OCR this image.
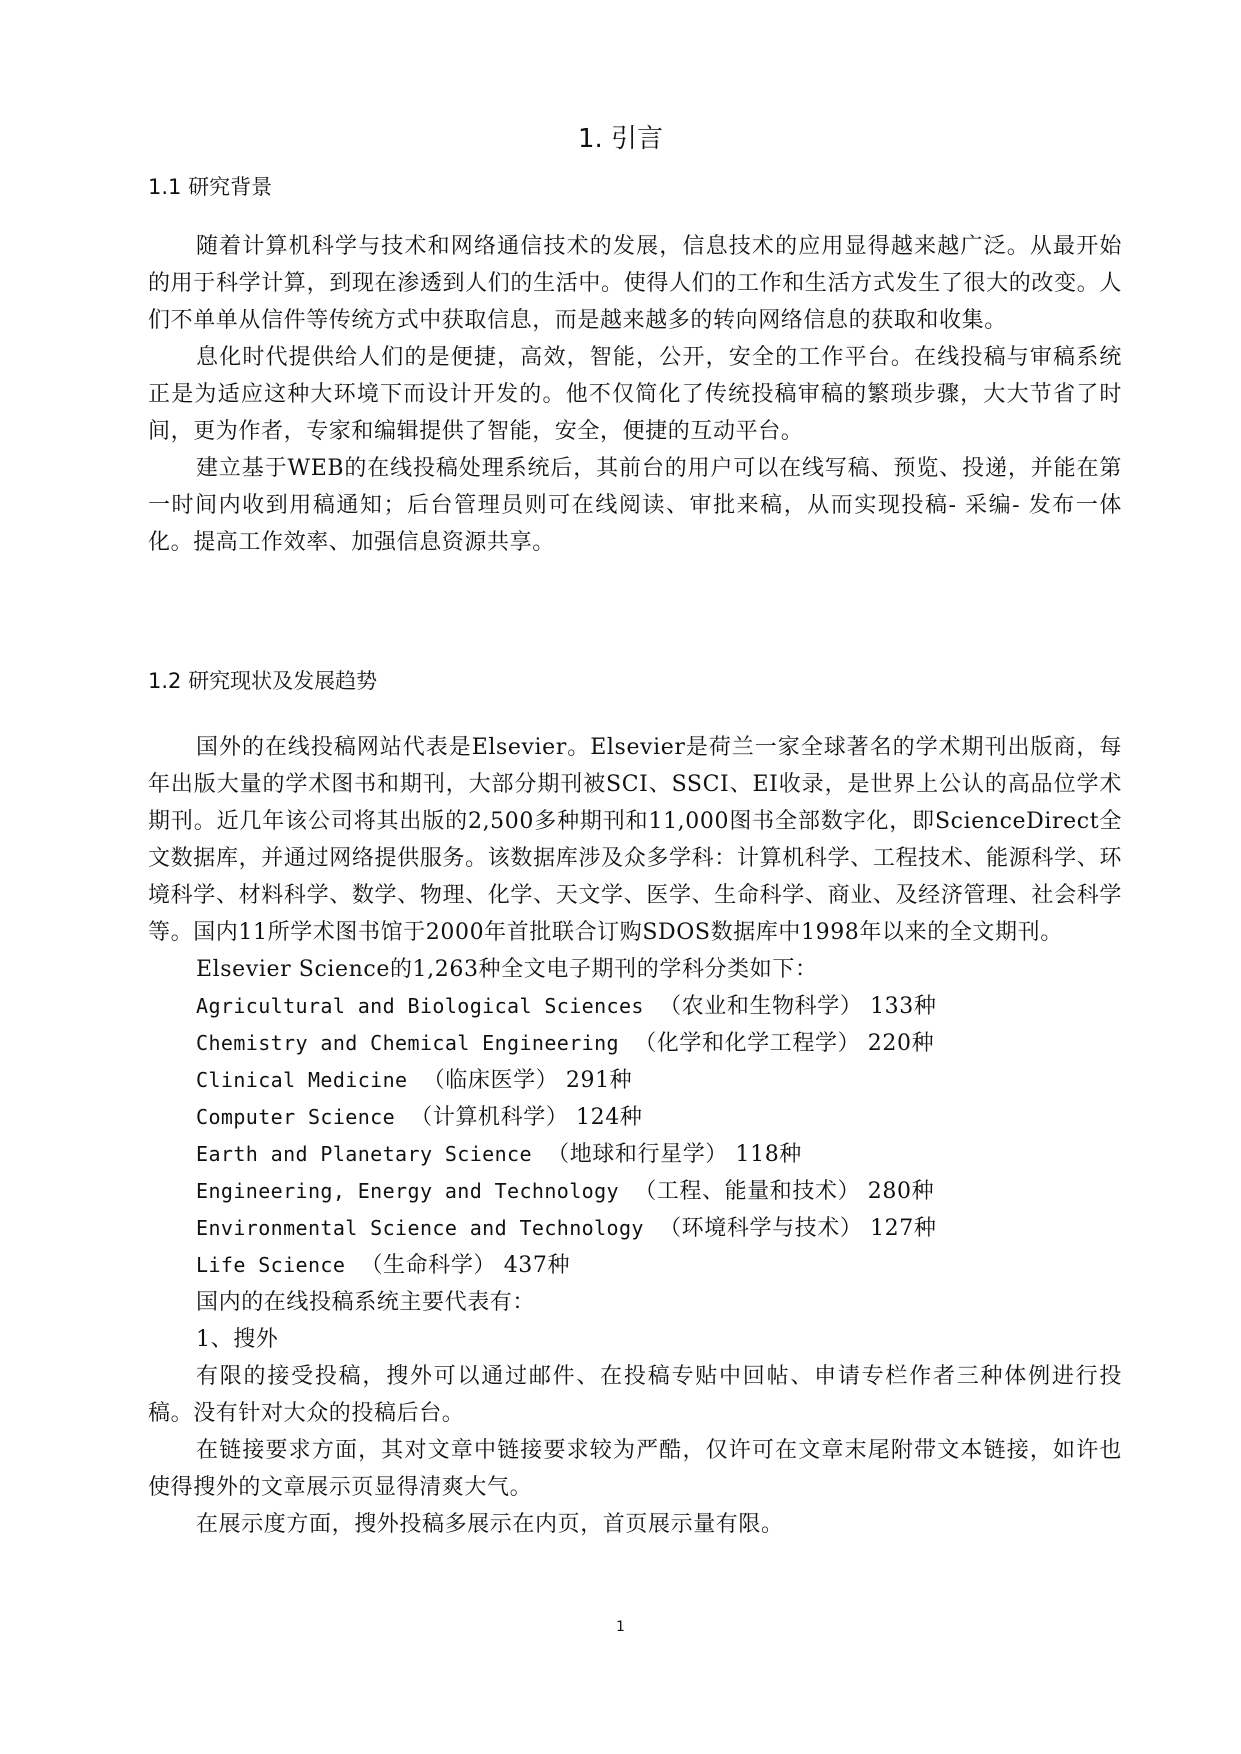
1. 引言
1.1 研究背景

随着计算机科学与技术和网络通信技术的发展，信息技术的应用显得越来越广泛。从最开始的用于科学计算，到现在渗透到人们的生活中。使得人们的工作和生活方式发生了很大的改变。人们不单单从信件等传统方式中获取信息，而是越来越多的转向网络信息的获取和收集。

息化时代提供给人们的是便捷，高效，智能，公开，安全的工作平台。在线投稿与审稿系统正是为适应这种大环境下而设计开发的。他不仅简化了传统投稿审稿的繁琐步骤，大大节省了时间，更为作者，专家和编辑提供了智能，安全，便捷的互动平台。

建立基于WEB的在线投稿处理系统后，其前台的用户可以在线写稿、预览、投递，并能在第一时间内收到用稿通知；后台管理员则可在线阅读、审批来稿，从而实现投稿- 采编- 发布一体化。提高工作效率、加强信息资源共享。

1.2 研究现状及发展趋势

国外的在线投稿网站代表是Elsevier。Elsevier是荷兰一家全球著名的学术期刊出版商，每年出版大量的学术图书和期刊，大部分期刊被SCI、SSCI、EI收录，是世界上公认的高品位学术期刊。近几年该公司将其出版的2,500多种期刊和11,000图书全部数字化，即ScienceDirect全文数据库，并通过网络提供服务。该数据库涉及众多学科：计算机科学、工程技术、能源科学、环境科学、材料科学、数学、物理、化学、天文学、医学、生命科学、商业、及经济管理、社会科学等。国内11所学术图书馆于2000年首批联合订购SDOS数据库中1998年以来的全文期刊。

Elsevier Science的1,263种全文电子期刊的学科分类如下：

Agricultural and Biological Sciences （农业和生物科学） 133种

Chemistry and Chemical Engineering （化学和化学工程学） 220种

Clinical Medicine （临床医学） 291种

Computer Science （计算机科学） 124种

Earth and Planetary Science （地球和行星学） 118种

Engineering, Energy and Technology （工程、能量和技术） 280种

Environmental Science and Technology （环境科学与技术） 127种

Life Science （生命科学） 437种

国内的在线投稿系统主要代表有：

1、搜外

有限的接受投稿，搜外可以通过邮件、在投稿专贴中回帖、申请专栏作者三种体例进行投稿。没有针对大众的投稿后台。

在链接要求方面，其对文章中链接要求较为严酷，仅许可在文章末尾附带文本链接，如许也使得搜外的文章展示页显得清爽大气。

在展示度方面，搜外投稿多展示在内页，首页展示量有限。

1
